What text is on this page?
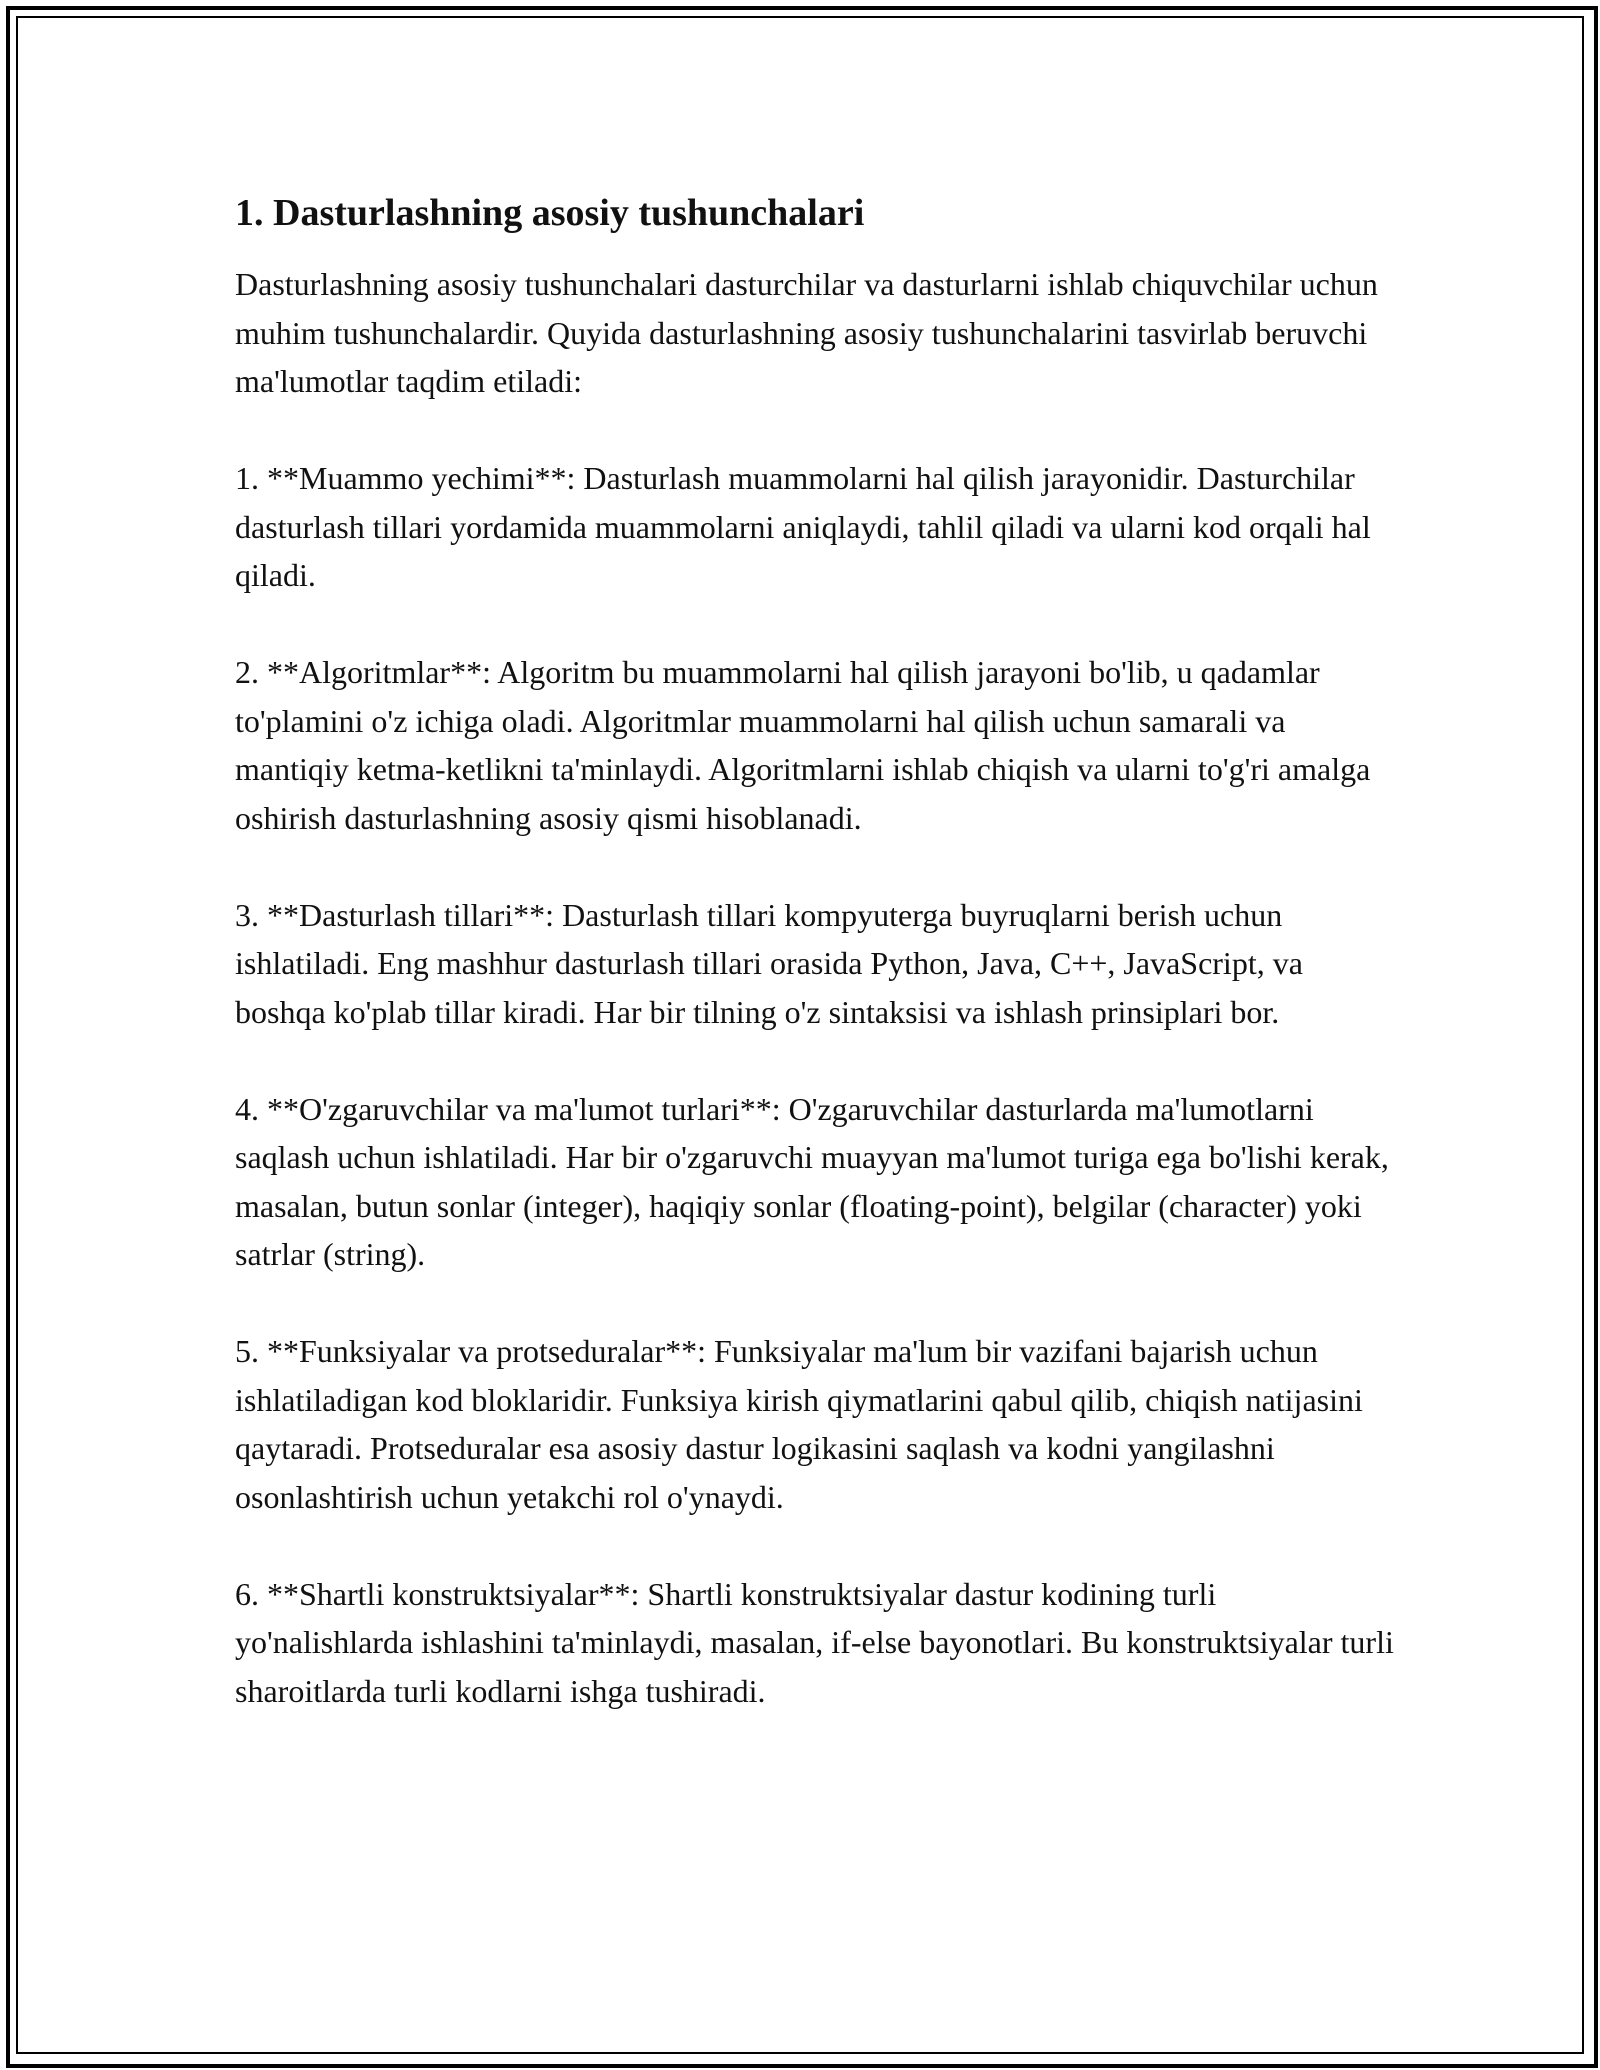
1. Dasturlashning asosiy tushunchalari

Dasturlashning asosiy tushunchalari dasturchilar va dasturlarni ishlab chiquvchilar uchun muhim tushunchalardir. Quyida dasturlashning asosiy tushunchalarini tasvirlab beruvchi ma'lumotlar taqdim etiladi:

1. **Muammo yechimi**: Dasturlash muammolarni hal qilish jarayonidir. Dasturchilar dasturlash tillari yordamida muammolarni aniqlaydi, tahlil qiladi va ularni kod orqali hal qiladi.

2. **Algoritmlar**: Algoritm bu muammolarni hal qilish jarayoni bo'lib, u qadamlar to'plamini o'z ichiga oladi. Algoritmlar muammolarni hal qilish uchun samarali va mantiqiy ketma-ketlikni ta'minlaydi. Algoritmlarni ishlab chiqish va ularni to'g'ri amalga oshirish dasturlashning asosiy qismi hisoblanadi.

3. **Dasturlash tillari**: Dasturlash tillari kompyuterga buyruqlarni berish uchun ishlatiladi. Eng mashhur dasturlash tillari orasida Python, Java, C++, JavaScript, va boshqa ko'plab tillar kiradi. Har bir tilning o'z sintaksisi va ishlash prinsiplari bor.

4. **O'zgaruvchilar va ma'lumot turlari**: O'zgaruvchilar dasturlarda ma'lumotlarni saqlash uchun ishlatiladi. Har bir o'zgaruvchi muayyan ma'lumot turiga ega bo'lishi kerak, masalan, butun sonlar (integer), haqiqiy sonlar (floating-point), belgilar (character) yoki satrlar (string).

5. **Funksiyalar va protseduralar**: Funksiyalar ma'lum bir vazifani bajarish uchun ishlatiladigan kod bloklaridir. Funksiya kirish qiymatlarini qabul qilib, chiqish natijasini qaytaradi. Protseduralar esa asosiy dastur logikasini saqlash va kodni yangilashni osonlashtirish uchun yetakchi rol o'ynaydi.

6. **Shartli konstruktsiyalar**: Shartli konstruktsiyalar dastur kodining turli yo'nalishlarda ishlashini ta'minlaydi, masalan, if-else bayonotlari. Bu konstruktsiyalar turli sharoitlarda turli kodlarni ishga tushiradi.
